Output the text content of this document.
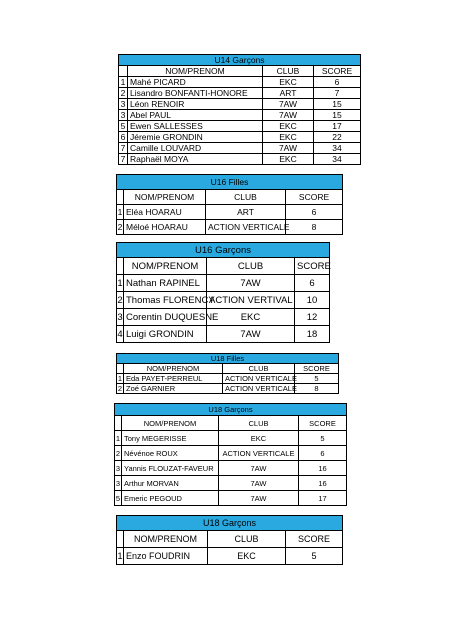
U14 Garçons			
	NOM/PRENOM	CLUB	SCORE
1	Mahé PICARD	EKC	6
2	Lisandro BONFANTI-HONORE	ART	7
3	Léon RENOIR	7AW	15
3	Abel PAUL	7AW	15
5	Ewen SALLESSES	EKC	17
6	Jéremie GRONDIN	EKC	22
7	Camille LOUVARD	7AW	34
7	Raphaël MOYA	EKC	34
U16 Filles			
	NOM/PRENOM	CLUB	SCORE
1	Eléa HOARAU	ART	6
2	Méloé HOARAU	ACTION VERTICALE	8
U16 Garçons			
	NOM/PRENOM	CLUB	SCORE
1	Nathan RAPINEL	7AW	6
2	Thomas FLORENCY	ACTION VERTIVAL	10
3	Corentin DUQUESNE	EKC	12
4	Luigi GRONDIN	7AW	18
U18 Filles			
	NOM/PRENOM	CLUB	SCORE
1	Eda PAYET-PERREUL	ACTION VERTICALE	5
2	Zoé GARNIER	ACTION VERTICALE	8
U18 Garçons			
	NOM/PRENOM	CLUB	SCORE
1	Tony MEGERISSE	EKC	5
2	Névénoe ROUX	ACTION VERTICALE	6
3	Yannis FLOUZAT-FAVEUR	7AW	16
3	Arthur MORVAN	7AW	16
5	Emeric PEGOUD	7AW	17
U18 Garçons			
	NOM/PRENOM	CLUB	SCORE
1	Enzo FOUDRIN	EKC	5
